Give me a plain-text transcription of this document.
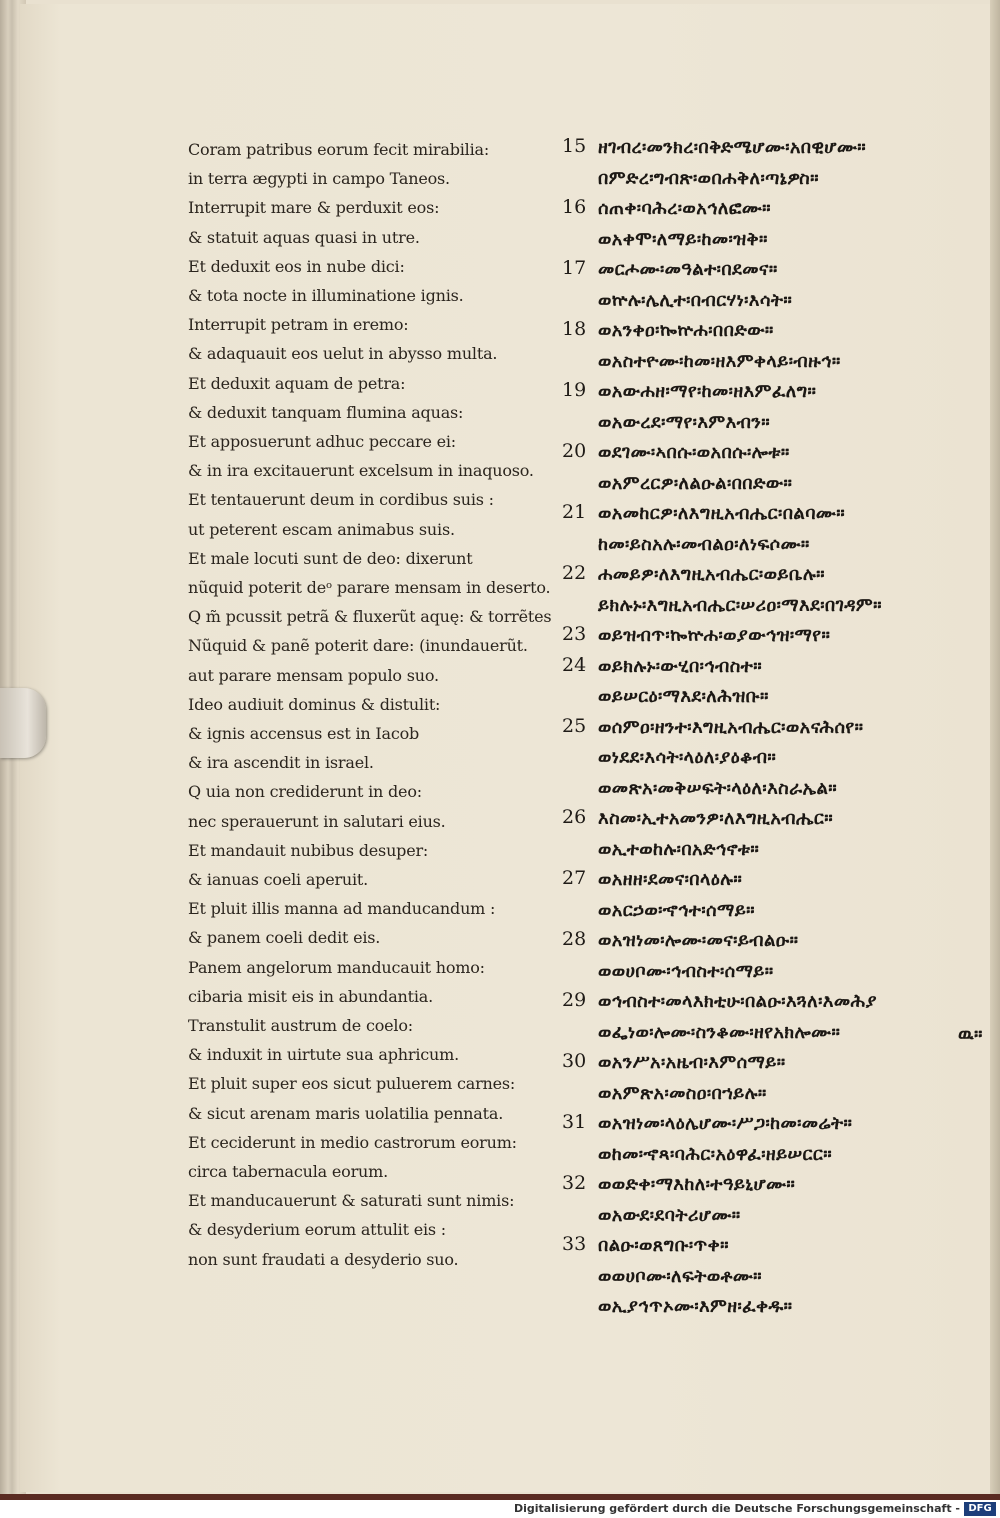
Coram patribus eorum fecit mirabilia:
in terra ægypti in campo Taneos.
Interrupit mare & perduxit eos:
& statuit aquas quasi in utre.
Et deduxit eos in nube dici:
& tota nocte in illuminatione ignis.
Interrupit petram in eremo:
& adaquauit eos uelut in abysso multa.
Et deduxit aquam de petra:
& deduxit tanquam flumina aquas:
Et apposuerunt adhuc peccare ei:
& in ira excitauerunt excelsum in inaquoso.
Et tentauerunt deum in cordibus suis :
ut peterent escam animabus suis.
Et male locuti sunt de deo: dixerunt
nũquid poterit deᵒ parare mensam in deserto.
Q m̃ pcussit petrã & fluxerũt aquę: & torrẽtes
Nũquid & panẽ poterit dare: (inundauerũt.
aut parare mensam populo suo.
Ideo audiuit dominus & distulit:
& ignis accensus est in Iacob
& ira ascendit in israel.
Q uia non crediderunt in deo:
nec sperauerunt in salutari eius.
Et mandauit nubibus desuper:
& ianuas coeli aperuit.
Et pluit illis manna ad manducandum :
& panem coeli dedit eis.
Panem angelorum manducauit homo:
cibaria misit eis in abundantia.
Transtulit austrum de coelo:
& induxit in uirtute sua aphricum.
Et pluit super eos sicut puluerem carnes:
& sicut arenam maris uolatilia pennata.
Et ceciderunt in medio castrorum eorum:
circa tabernacula eorum.
Et manducauerunt & saturati sunt nimis:
& desyderium eorum attulit eis :
non sunt fraudati a desyderio suo.
15 ዘገብረ፡መንክረ፡በቅድሜሆሙ፡አበዊሆሙ።
በምድረ፡ግብጽ፡ወበሐቅለ፡ጣኔዎስ።
16 ሰጠቀ፡ባሕረ፡ወአኅለፎሙ።
ወአቀሞ፡ለማይ፡ከመ፡ዝቅ።
17 መርሖሙ፡መዓልተ፡በደመና።
ወኵሉ፡ሌሊተ፡በብርሃነ፡እሳት።
18 ወአንቀዐ፡ኰኵሐ፡በበድው።
ወአስተዮሙ፡ከመ፡ዘእምቀላይ፡ብዙኅ።
19 ወአውሐዘ፡ማየ፡ከመ፡ዘእምፈለግ።
ወአውረደ፡ማየ፡እምእብን።
20 ወደገሙ፡ኣበሱ፡ወአበሱ፡ሎቱ።
ወአምረርዎ፡ለልዑል፡በበድው።
21 ወአመከርዎ፡ለእግዚአብሔር፡በልባሙ።
ከመ፡ይስአሉ፡መብልዐ፡ለነፍሶሙ።
22 ሐመይዎ፡ለእግዚአብሔር፡ወይቤሉ።
ይክሉኑ፡እግዚአብሔር፡ሠሪዐ፡ማእደ፡በገዳም።
23 ወይዝብጥ፡ኰኵሐ፡ወያውኅዝ፡ማየ።
24 ወይክሉኑ፡ውሂበ፡ኅብስተ።
ወይሠርዕ፡ማእደ፡ለሕዝቡ።
25 ወሰምዐ፡ዘንተ፡እግዚአብሔር፡ወአናሕሰየ።
ወነደደ፡እሳት፡ላዕለ፡ያዕቆብ።
ወመጽአ፡መቅሠፍት፡ላዕለ፡እስራኤል።
26 እስመ፡ኢተአመንዎ፡ለእግዚአብሔር።
ወኢተወከሉ፡በአድኅኖቱ።
27 ወአዘዘ፡ደመና፡በላዕሉ።
ወአርኃወ፡ኆኅተ፡ሰማይ።
28 ወአዝነመ፡ሎሙ፡መና፡ይብልዑ።
ወወሀቦሙ፡ኅብስተ፡ሰማይ።
29 ወኅብስተ፡መላእክቲሁ፡በልዑ፡እጓለ፡እመሕያ
ወፌነወ፡ሎሙ፡ስንቆሙ፡ዘየአክሎሙ።	ዉ።
30 ወአንሥአ፡አዜብ፡እምሰማይ።
ወአምጽአ፡መስዐ፡በኀይሉ።
31 ወአዝነመ፡ላዕሌሆሙ፡ሥጋ፡ከመ፡መሬት።
ወከመ፡ኆጻ፡ባሕር፡አዕዋፈ፡ዘይሠርር።
32 ወወድቀ፡ማእከለ፡ተዓይኒሆሙ።
ወአውደ፡ደባትሪሆሙ።
33 በልዑ፡ወጸግቡ፡ጥቀ።
ወወሀቦሙ፡ለፍትወቶሙ።
ወኢያኅጥኦሙ፡እምዘ፡ፈቀዱ።
Digitalisierung gefördert durch die Deutsche Forschungsgemeinschaft - DFG
